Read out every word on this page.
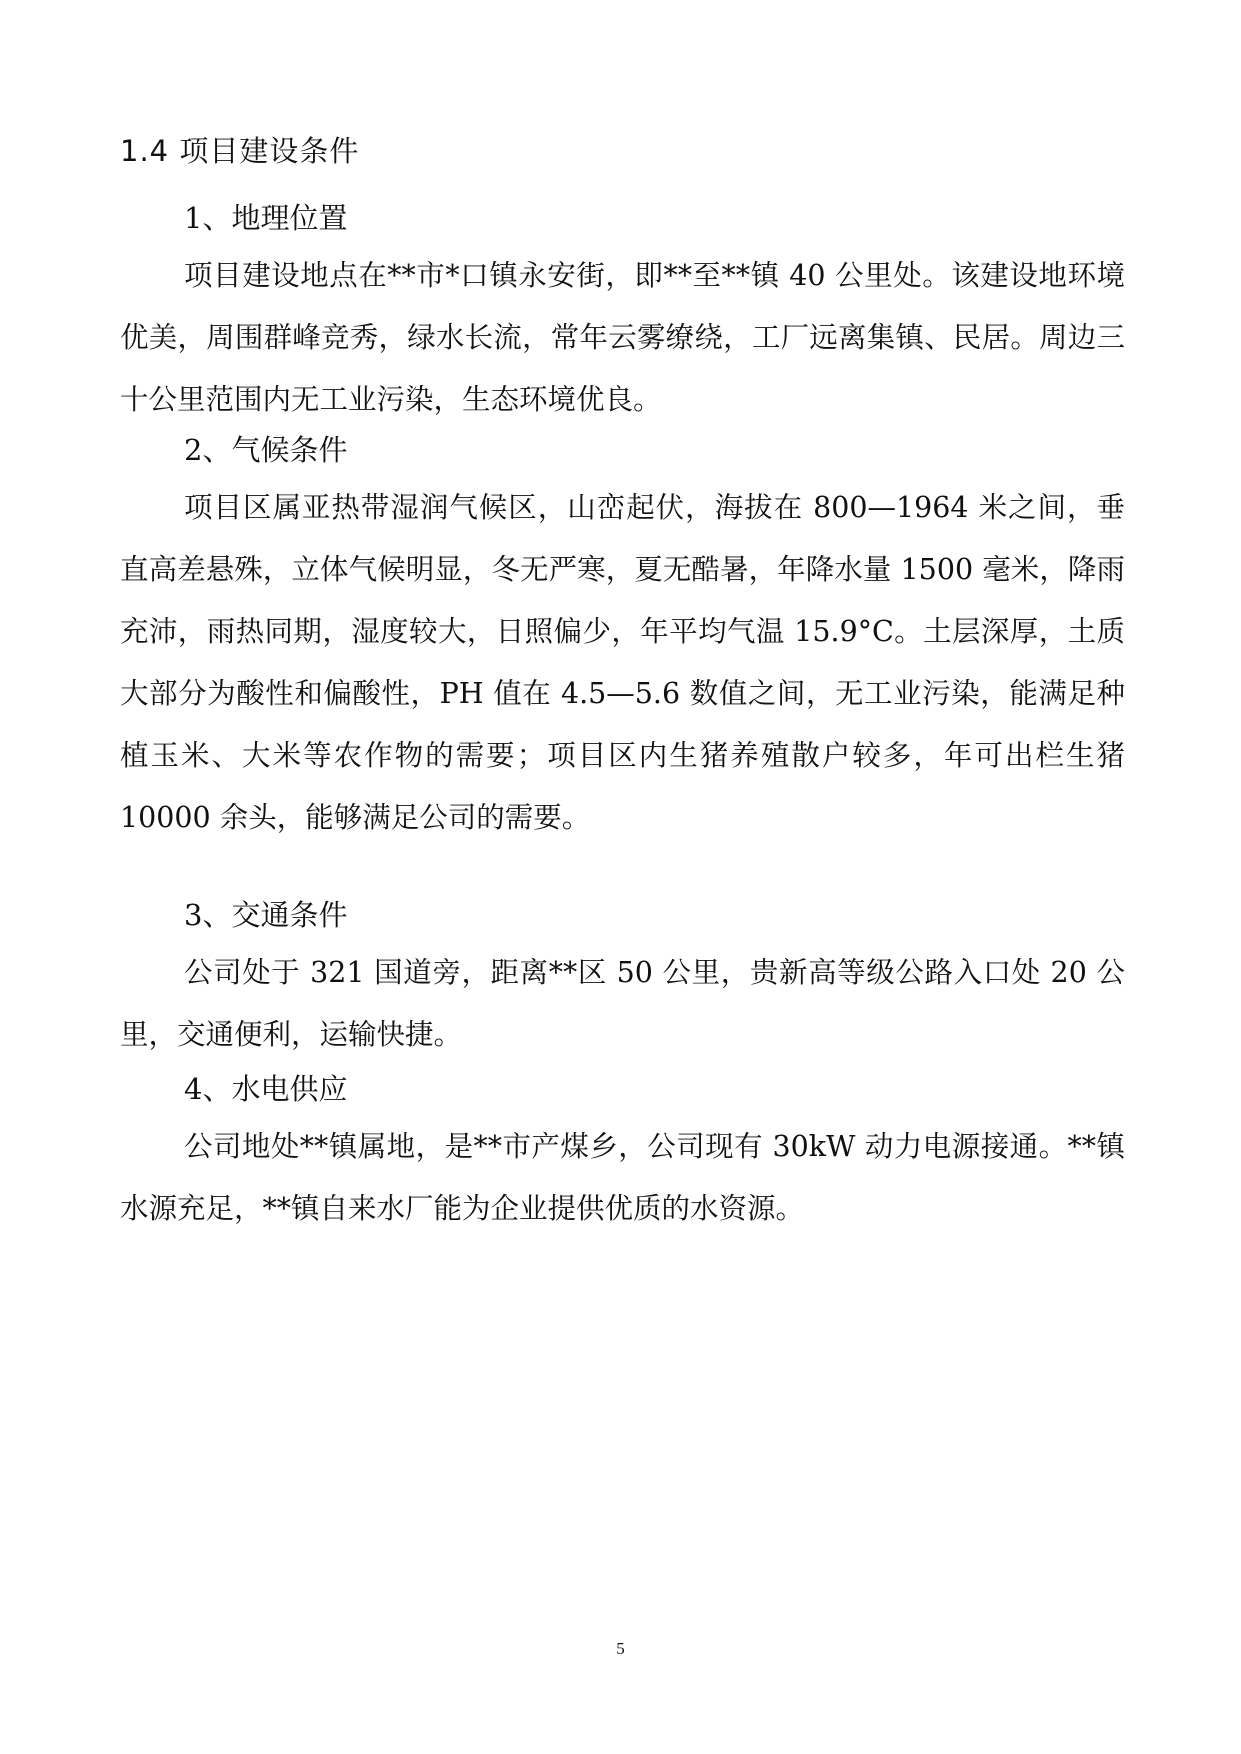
1.4 项目建设条件
1、地理位置

项目建设地点在**市*口镇永安街，即**至**镇 40 公里处。该建设地环境优美，周围群峰竞秀，绿水长流，常年云雾缭绕，工厂远离集镇、民居。周边三十公里范围内无工业污染，生态环境优良。

2、气候条件

项目区属亚热带湿润气候区，山峦起伏，海拔在 800—1964 米之间，垂直高差悬殊，立体气候明显，冬无严寒，夏无酷暑，年降水量 1500 毫米，降雨充沛，雨热同期，湿度较大，日照偏少，年平均气温 15.9°C。土层深厚，土质大部分为酸性和偏酸性，PH 值在 4.5—5.6 数值之间，无工业污染，能满足种植玉米、大米等农作物的需要；项目区内生猪养殖散户较多，年可出栏生猪 10000 余头，能够满足公司的需要。

3、交通条件

公司处于 321 国道旁，距离**区 50 公里，贵新高等级公路入口处 20 公里，交通便利，运输快捷。

4、水电供应

公司地处**镇属地，是**市产煤乡，公司现有 30kW 动力电源接通。**镇水源充足，**镇自来水厂能为企业提供优质的水资源。

5
